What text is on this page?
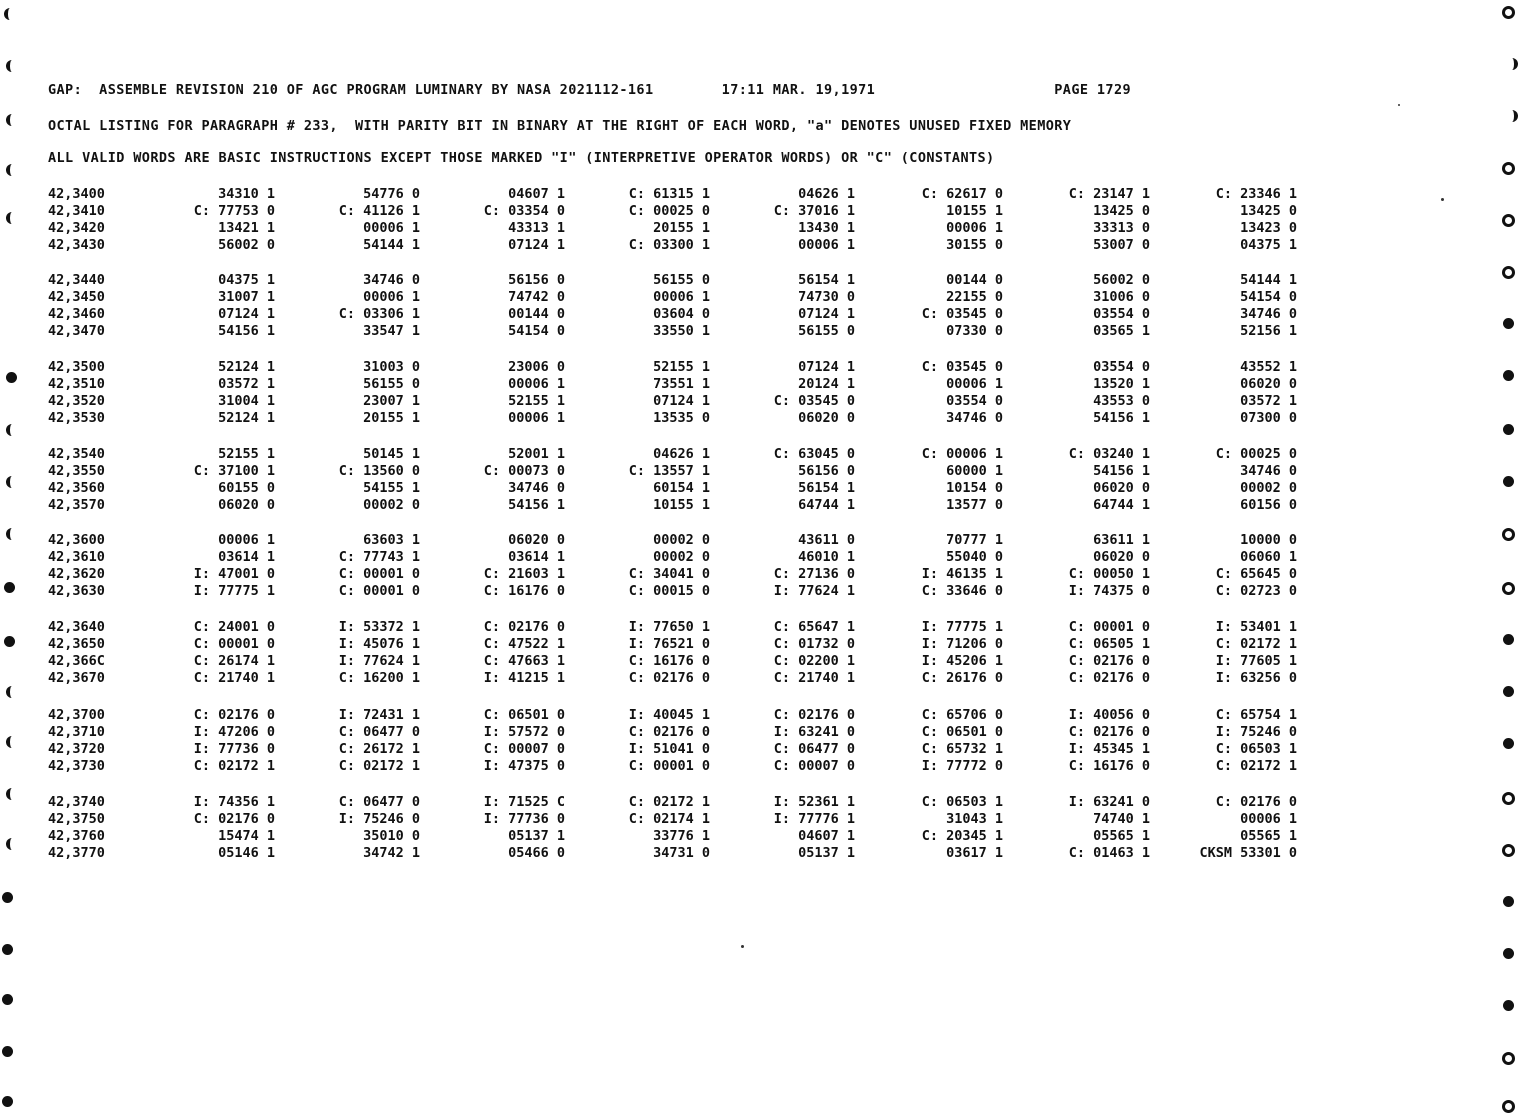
GAP:  ASSEMBLE REVISION 210 OF AGC PROGRAM LUMINARY BY NASA 2021112-161        17:11 MAR. 19,1971                     PAGE 1729
OCTAL LISTING FOR PARAGRAPH # 233,  WITH PARITY BIT IN BINARY AT THE RIGHT OF EACH WORD, "a" DENOTES UNUSED FIXED MEMORY
ALL VALID WORDS ARE BASIC INSTRUCTIONS EXCEPT THOSE MARKED "I" (INTERPRETIVE OPERATOR WORDS) OR "C" (CONSTANTS)
42,3400	34310 1	54776 0	04607 1	C: 61315 1	04626 1	C: 62617 0	C: 23147 1	C: 23346 1
42,3410	C: 77753 0	C: 41126 1	C: 03354 0	C: 00025 0	C: 37016 1	10155 1	13425 0	13425 0
42,3420	13421 1	00006 1	43313 1	20155 1	13430 1	00006 1	33313 0	13423 0
42,3430	56002 0	54144 1	07124 1	C: 03300 1	00006 1	30155 0	53007 0	04375 1
42,3440	04375 1	34746 0	56156 0	56155 0	56154 1	00144 0	56002 0	54144 1
42,3450	31007 1	00006 1	74742 0	00006 1	74730 0	22155 0	31006 0	54154 0
42,3460	07124 1	C: 03306 1	00144 0	03604 0	07124 1	C: 03545 0	03554 0	34746 0
42,3470	54156 1	33547 1	54154 0	33550 1	56155 0	07330 0	03565 1	52156 1
42,3500	52124 1	31003 0	23006 0	52155 1	07124 1	C: 03545 0	03554 0	43552 1
42,3510	03572 1	56155 0	00006 1	73551 1	20124 1	00006 1	13520 1	06020 0
42,3520	31004 1	23007 1	52155 1	07124 1	C: 03545 0	03554 0	43553 0	03572 1
42,3530	52124 1	20155 1	00006 1	13535 0	06020 0	34746 0	54156 1	07300 0
42,3540	52155 1	50145 1	52001 1	04626 1	C: 63045 0	C: 00006 1	C: 03240 1	C: 00025 0
42,3550	C: 37100 1	C: 13560 0	C: 00073 0	C: 13557 1	56156 0	60000 1	54156 1	34746 0
42,3560	60155 0	54155 1	34746 0	60154 1	56154 1	10154 0	06020 0	00002 0
42,3570	06020 0	00002 0	54156 1	10155 1	64744 1	13577 0	64744 1	60156 0
42,3600	00006 1	63603 1	06020 0	00002 0	43611 0	70777 1	63611 1	10000 0
42,3610	03614 1	C: 77743 1	03614 1	00002 0	46010 1	55040 0	06020 0	06060 1
42,3620	I: 47001 0	C: 00001 0	C: 21603 1	C: 34041 0	C: 27136 0	I: 46135 1	C: 00050 1	C: 65645 0
42,3630	I: 77775 1	C: 00001 0	C: 16176 0	C: 00015 0	I: 77624 1	C: 33646 0	I: 74375 0	C: 02723 0
42,3640	C: 24001 0	I: 53372 1	C: 02176 0	I: 77650 1	C: 65647 1	I: 77775 1	C: 00001 0	I: 53401 1
42,3650	C: 00001 0	I: 45076 1	C: 47522 1	I: 76521 0	C: 01732 0	I: 71206 0	C: 06505 1	C: 02172 1
42,366C	C: 26174 1	I: 77624 1	C: 47663 1	C: 16176 0	C: 02200 1	I: 45206 1	C: 02176 0	I: 77605 1
42,3670	C: 21740 1	C: 16200 1	I: 41215 1	C: 02176 0	C: 21740 1	C: 26176 0	C: 02176 0	I: 63256 0
42,3700	C: 02176 0	I: 72431 1	C: 06501 0	I: 40045 1	C: 02176 0	C: 65706 0	I: 40056 0	C: 65754 1
42,3710	I: 47206 0	C: 06477 0	I: 57572 0	C: 02176 0	I: 63241 0	C: 06501 0	C: 02176 0	I: 75246 0
42,3720	I: 77736 0	C: 26172 1	C: 00007 0	I: 51041 0	C: 06477 0	C: 65732 1	I: 45345 1	C: 06503 1
42,3730	C: 02172 1	C: 02172 1	I: 47375 0	C: 00001 0	C: 00007 0	I: 77772 0	C: 16176 0	C: 02172 1
42,3740	I: 74356 1	C: 06477 0	I: 71525 C	C: 02172 1	I: 52361 1	C: 06503 1	I: 63241 0	C: 02176 0
42,3750	C: 02176 0	I: 75246 0	I: 77736 0	C: 02174 1	I: 77776 1	31043 1	74740 1	00006 1
42,3760	15474 1	35010 0	05137 1	33776 1	04607 1	C: 20345 1	05565 1	05565 1
42,3770	05146 1	34742 1	05466 0	34731 0	05137 1	03617 1	C: 01463 1	CKSM 53301 0
